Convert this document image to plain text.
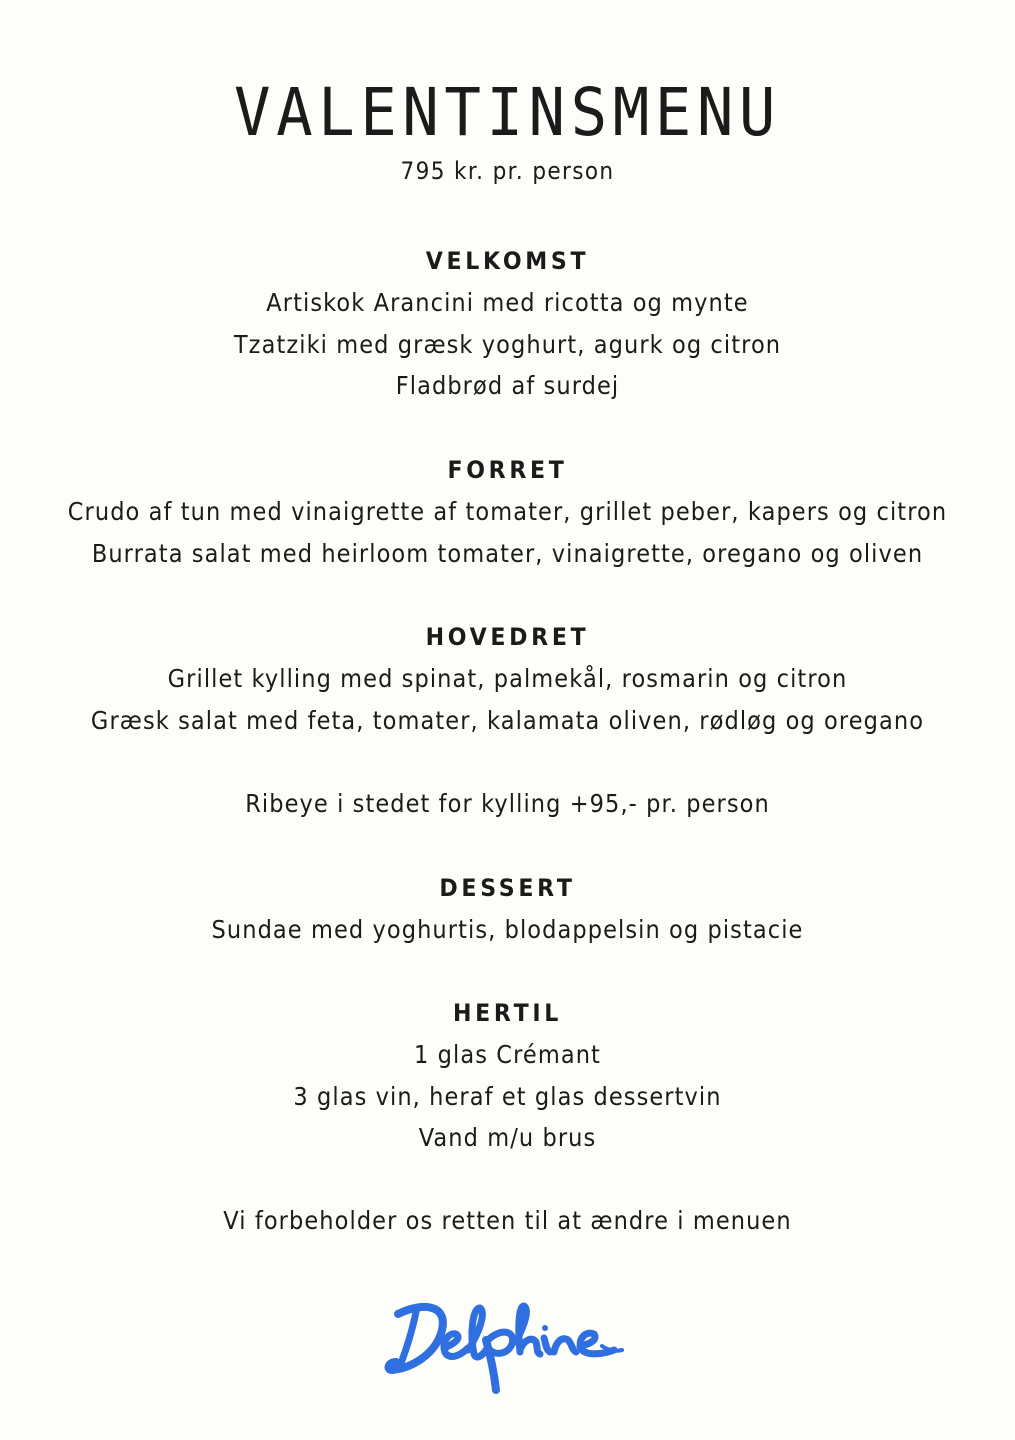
VALENTINSMENU
795 kr. pr. person
VELKOMST
Artiskok Arancini med ricotta og mynte
Tzatziki med græsk yoghurt, agurk og citron
Fladbrød af surdej
FORRET
Crudo af tun med vinaigrette af tomater, grillet peber, kapers og citron
Burrata salat med heirloom tomater, vinaigrette, oregano og oliven
HOVEDRET
Grillet kylling med spinat, palmekål, rosmarin og citron
Græsk salat med feta, tomater, kalamata oliven, rødløg og oregano
Ribeye i stedet for kylling +95,- pr. person
DESSERT
Sundae med yoghurtis, blodappelsin og pistacie
HERTIL
1 glas Crémant
3 glas vin, heraf et glas dessertvin
Vand m/u brus
Vi forbeholder os retten til at ændre i menuen
